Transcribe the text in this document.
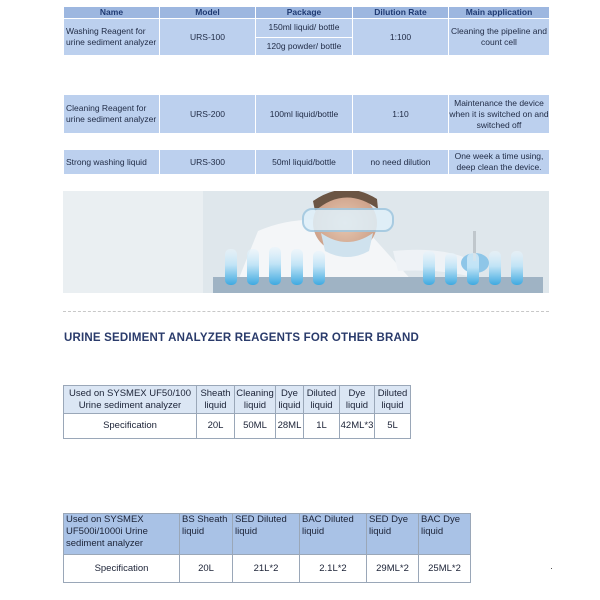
Name	Model	Package	Dilution Rate	Main application
Washing Reagent for urine sediment analyzer	URS-100	150ml liquid/ bottle	1:100	Cleaning the pipeline and count cell
120g powder/ bottle
Cleaning Reagent for urine sediment analyzer	URS-200	100ml liquid/bottle	1:10	Maintenance the device when it is switched on and switched off
Strong washing liquid	URS-300	50ml liquid/bottle	no need dilution	One week a time using, deep clean the device.
URINE SEDIMENT ANALYZER REAGENTS FOR OTHER BRAND
Used on SYSMEX UF50/100 Urine sediment analyzer	Sheath liquid	Cleaning liquid	Dye liquid	Diluted liquid	Dye liquid	Diluted liquid
Specification	20L	50ML	28ML	1L	42ML*3	5L
Used on SYSMEX UF500i/1000i Urine sediment analyzer	BS Sheath liquid	SED Diluted liquid	BAC Diluted liquid	SED Dye liquid	BAC Dye liquid
Specification	20L	21L*2	2.1L*2	29ML*2	25ML*2	·
